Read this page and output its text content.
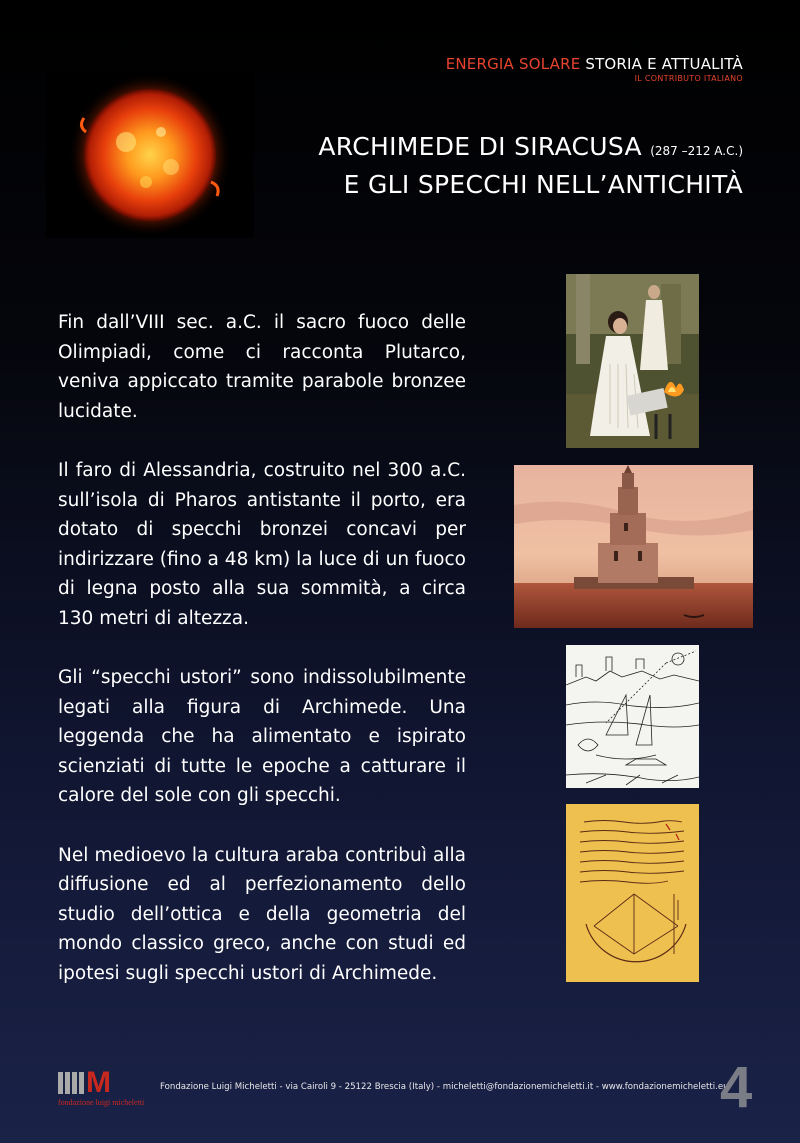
ENERGIA SOLARE STORIA E ATTUALITÀ
IL CONTRIBUTO ITALIANO
ARCHIMEDE DI SIRACUSA (287 –212 A.C.)
E GLI SPECCHI NELL’ANTICHITÀ

Fin dall’VIII sec. a.C. il sacro fuoco delle Olimpiadi, come ci racconta Plutarco, veniva appiccato tramite parabole bronzee lucidate.

Il faro di Alessandria, costruito nel 300 a.C. sull’isola di Pharos antistante il porto, era dotato di specchi bronzei concavi per indirizzare (fino a 48 km) la luce di un fuoco di legna posto alla sua sommità, a circa 130 metri di altezza.

Gli “specchi ustori” sono indissolubilmente legati alla figura di Archimede. Una leggenda che ha alimentato e ispirato scienziati di tutte le epoche a catturare il calore del sole con gli specchi.

Nel medioevo la cultura araba contribuì alla diffusione ed al perfezionamento dello studio dell’ottica e della geometria del mondo classico greco, anche con studi ed ipotesi sugli specchi ustori di Archimede.

M
fondazione luigi micheletti
Fondazione Luigi Micheletti - via Cairoli 9 - 25122 Brescia (Italy) - micheletti@fondazionemicheletti.it - www.fondazionemicheletti.eu
4
